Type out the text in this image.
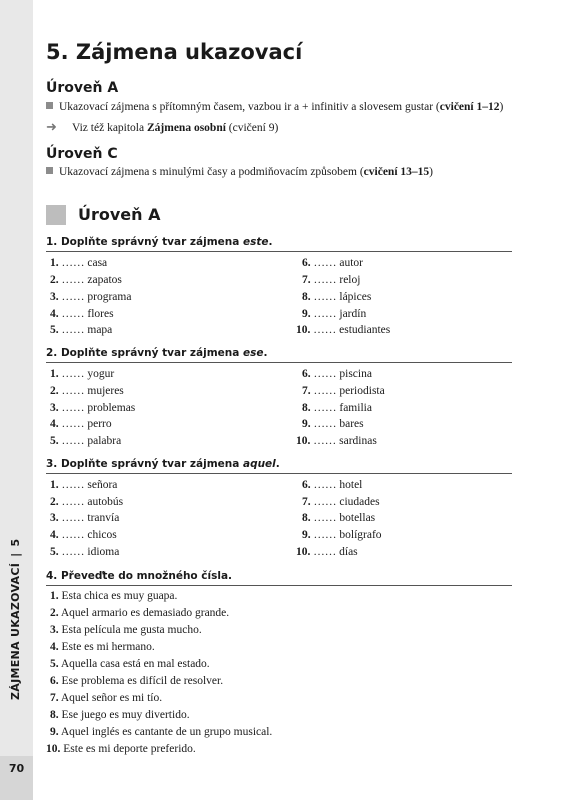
ZÁJMENA UKAZOVACÍ|5
70
5. Zájmena ukazovací
Úroveň A
Ukazovací zájmena s přítomným časem, vazbou ir a + infinitiv a slovesem gustar (cvičení 1–12)
➜ Viz též kapitola Zájmena osobní (cvičení 9)
Úroveň C
Ukazovací zájmena s minulými časy a podmiňovacím způsobem (cvičení 13–15)
Úroveň A
1. Doplňte správný tvar zájmena este.
1. …… casa
2. …… zapatos
3. …… programa
4. …… flores
5. …… mapa
6. …… autor
7. …… reloj
8. …… lápices
9. …… jardín
10. …… estudiantes
2. Doplňte správný tvar zájmena ese.
1. …… yogur
2. …… mujeres
3. …… problemas
4. …… perro
5. …… palabra
6. …… piscina
7. …… periodista
8. …… familia
9. …… bares
10. …… sardinas
3. Doplňte správný tvar zájmena aquel.
1. …… señora
2. …… autobús
3. …… tranvía
4. …… chicos
5. …… idioma
6. …… hotel
7. …… ciudades
8. …… botellas
9. …… bolígrafo
10. …… días
4. Převeďte do množného čísla.
1. Esta chica es muy guapa.
2. Aquel armario es demasiado grande.
3. Esta película me gusta mucho.
4. Este es mi hermano.
5. Aquella casa está en mal estado.
6. Ese problema es difícil de resolver.
7. Aquel señor es mi tío.
8. Ese juego es muy divertido.
9. Aquel inglés es cantante de un grupo musical.
10. Este es mi deporte preferido.
